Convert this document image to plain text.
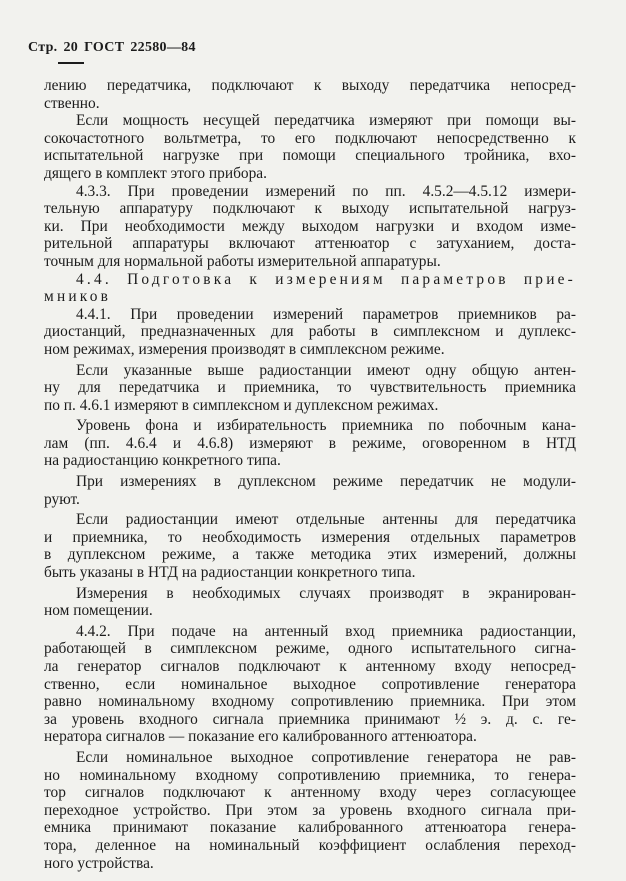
Стр. 20 ГОСТ 22580—84
лению передатчика, подключают к выходу передатчика непосред-
ственно.
Если мощность несущей передатчика измеряют при помощи вы-
сокочастотного вольтметра, то его подключают непосредственно к
испытательной нагрузке при помощи специального тройника, вхо-
дящего в комплект этого прибора.
4.3.3. При проведении измерений по пп. 4.5.2—4.5.12 измери-
тельную аппаратуру подключают к выходу испытательной нагруз-
ки. При необходимости между выходом нагрузки и входом изме-
рительной аппаратуры включают аттенюатор с затуханием, доста-
точным для нормальной работы измерительной аппаратуры.
4.4. Подготовка к измерениям параметров прие-
мников
4.4.1. При проведении измерений параметров приемников ра-
диостанций, предназначенных для работы в симплексном и дуплекс-
ном режимах, измерения производят в симплексном режиме.
Если указанные выше радиостанции имеют одну общую антен-
ну для передатчика и приемника, то чувствительность приемника
по п. 4.6.1 измеряют в симплексном и дуплексном режимах.
Уровень фона и избирательность приемника по побочным кана-
лам (пп. 4.6.4 и 4.6.8) измеряют в режиме, оговоренном в НТД
на радиостанцию конкретного типа.
При измерениях в дуплексном режиме передатчик не модули-
руют.
Если радиостанции имеют отдельные антенны для передатчика
и приемника, то необходимость измерения отдельных параметров
в дуплексном режиме, а также методика этих измерений, должны
быть указаны в НТД на радиостанции конкретного типа.
Измерения в необходимых случаях производят в экранирован-
ном помещении.
4.4.2. При подаче на антенный вход приемника радиостанции,
работающей в симплексном режиме, одного испытательного сигна-
ла генератор сигналов подключают к антенному входу непосред-
ственно, если номинальное выходное сопротивление генератора
равно номинальному входному сопротивлению приемника. При этом
за уровень входного сигнала приемника принимают ½ э. д. с. ге-
нератора сигналов — показание его калиброванного аттенюатора.
Если номинальное выходное сопротивление генератора не рав-
но номинальному входному сопротивлению приемника, то генера-
тор сигналов подключают к антенному входу через согласующее
переходное устройство. При этом за уровень входного сигнала при-
емника принимают показание калиброванного аттенюатора генера-
тора, деленное на номинальный коэффициент ослабления переход-
ного устройства.
